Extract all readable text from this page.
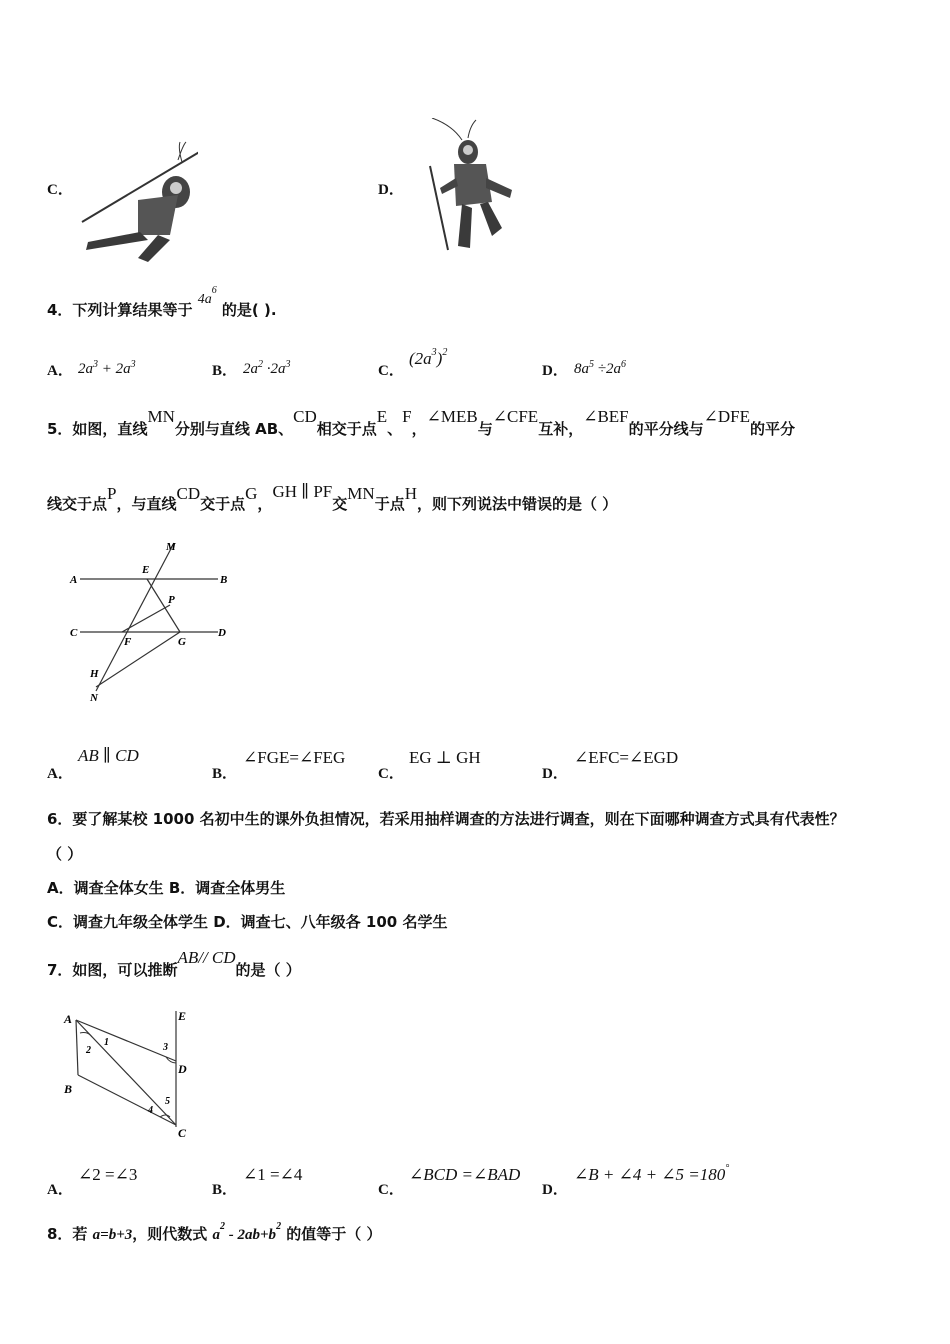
C．	D．
4．下列计算结果等于 $4a^6$ 的是( ).
A． $2a^3 + 2a^3$	B． $2a^2 \cdot 2a^3$	C．
$(2a^3)^2$
D． $8a^5 \div 2a^6$
5．如图，直线MN分别与直线 AB、CD相交于点E、F，∠MEB与∠CFE互补，∠BEF的平分线与∠DFE的平分
线交于点P，与直线CD交于点G，GH ∥ PF交MN于点H，则下列说法中错误的是（ ）
M
A
E
B
P
C
F	G
D
H
N
A．
AB ∥ CD
B．
∠FGE=∠FEG
C．
EG ⊥ GH
D．
∠EFC=∠EGD
6．要了解某校 1000 名初中生的课外负担情况，若采用抽样调查的方法进行调查，则在下面哪种调查方式具有代表性？
（ ）
A．调查全体女生 B．调查全体男生
C．调查九年级全体学生 D．调查七、八年级各 100 名学生
7．如图，可以推断AB// CD的是（ ）
A	E
B
D
C
1
2	3
4
5
A．
∠2 =∠3
B．
∠1 =∠4
C．
∠BCD =∠BAD
D．
∠B + ∠4 + ∠5 =180°
8．若 a=b+3，则代数式 $a^2 - 2ab+b^2$ 的值等于（ ）
